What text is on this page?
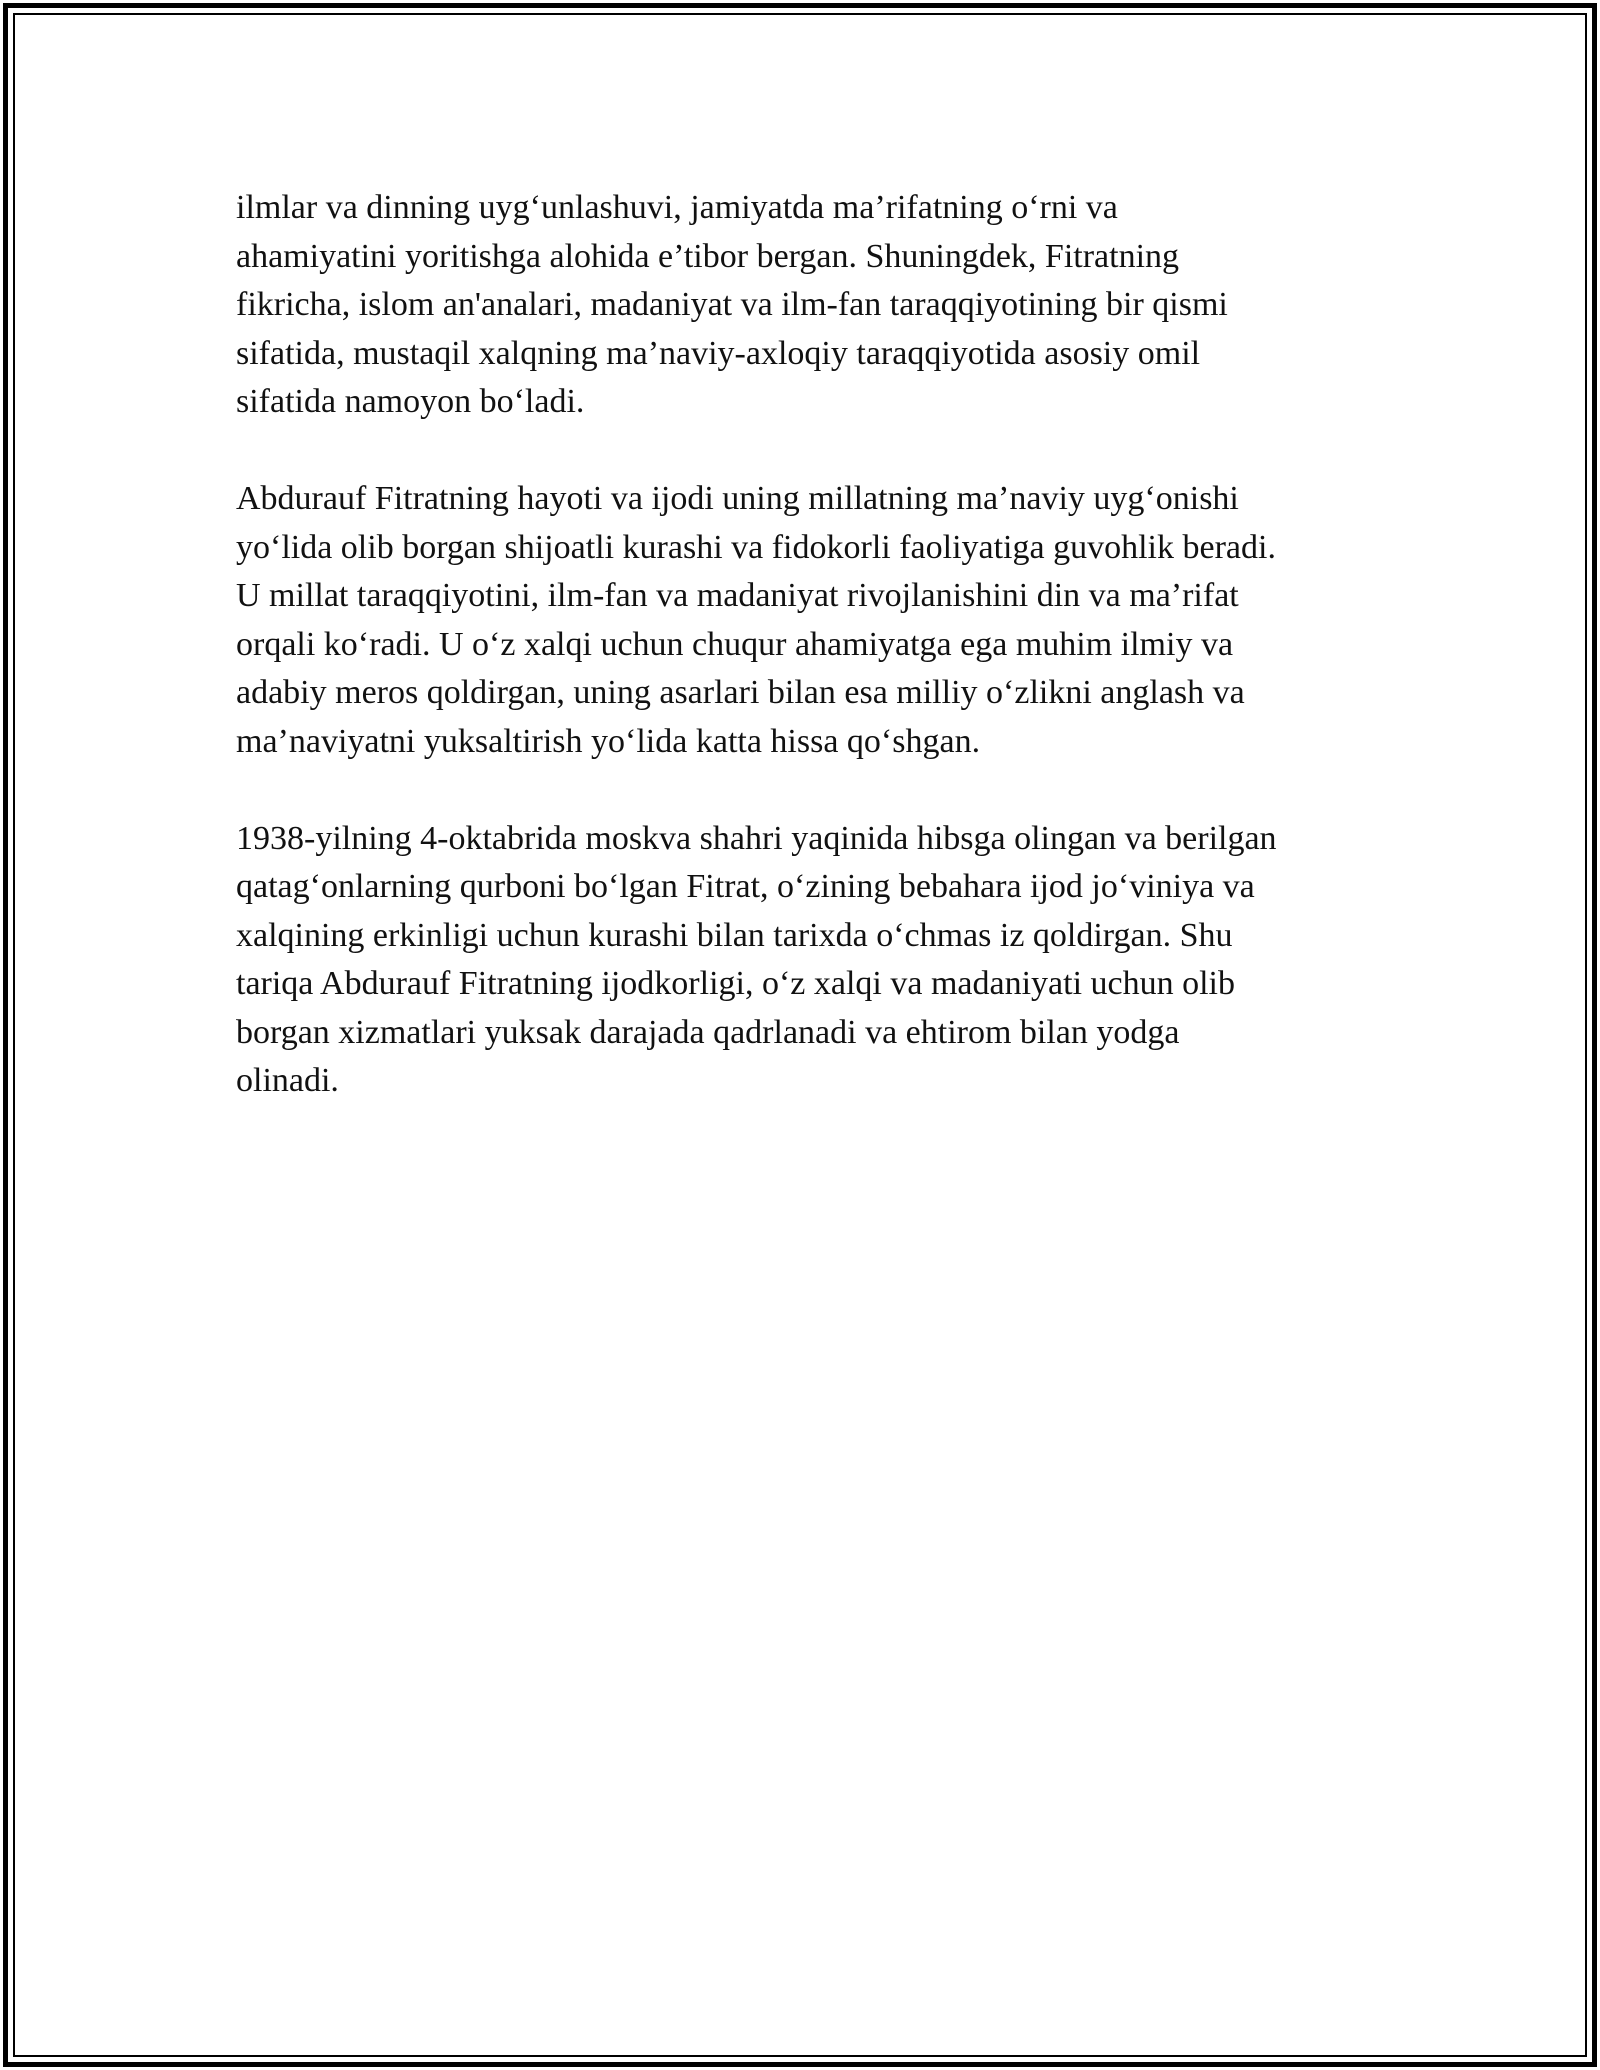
ilmlar va dinning uyg‘unlashuvi, jamiyatda ma’rifatning o‘rni va
ahamiyatini yoritishga alohida e’tibor bergan. Shuningdek, Fitratning
fikricha, islom an'analari, madaniyat va ilm-fan taraqqiyotining bir qismi
sifatida, mustaqil xalqning ma’naviy-axloqiy taraqqiyotida asosiy omil
sifatida namoyon bo‘ladi.

Abdurauf Fitratning hayoti va ijodi uning millatning ma’naviy uyg‘onishi
yo‘lida olib borgan shijoatli kurashi va fidokorli faoliyatiga guvohlik beradi.
U millat taraqqiyotini, ilm-fan va madaniyat rivojlanishini din va ma’rifat
orqali ko‘radi. U o‘z xalqi uchun chuqur ahamiyatga ega muhim ilmiy va
adabiy meros qoldirgan, uning asarlari bilan esa milliy o‘zlikni anglash va
ma’naviyatni yuksaltirish yo‘lida katta hissa qo‘shgan.

1938-yilning 4-oktabrida moskva shahri yaqinida hibsga olingan va berilgan
qatag‘onlarning qurboni bo‘lgan Fitrat, o‘zining bebahara ijod jo‘viniya va
xalqining erkinligi uchun kurashi bilan tarixda o‘chmas iz qoldirgan. Shu
tariqa Abdurauf Fitratning ijodkorligi, o‘z xalqi va madaniyati uchun olib
borgan xizmatlari yuksak darajada qadrlanadi va ehtirom bilan yodga
olinadi.
